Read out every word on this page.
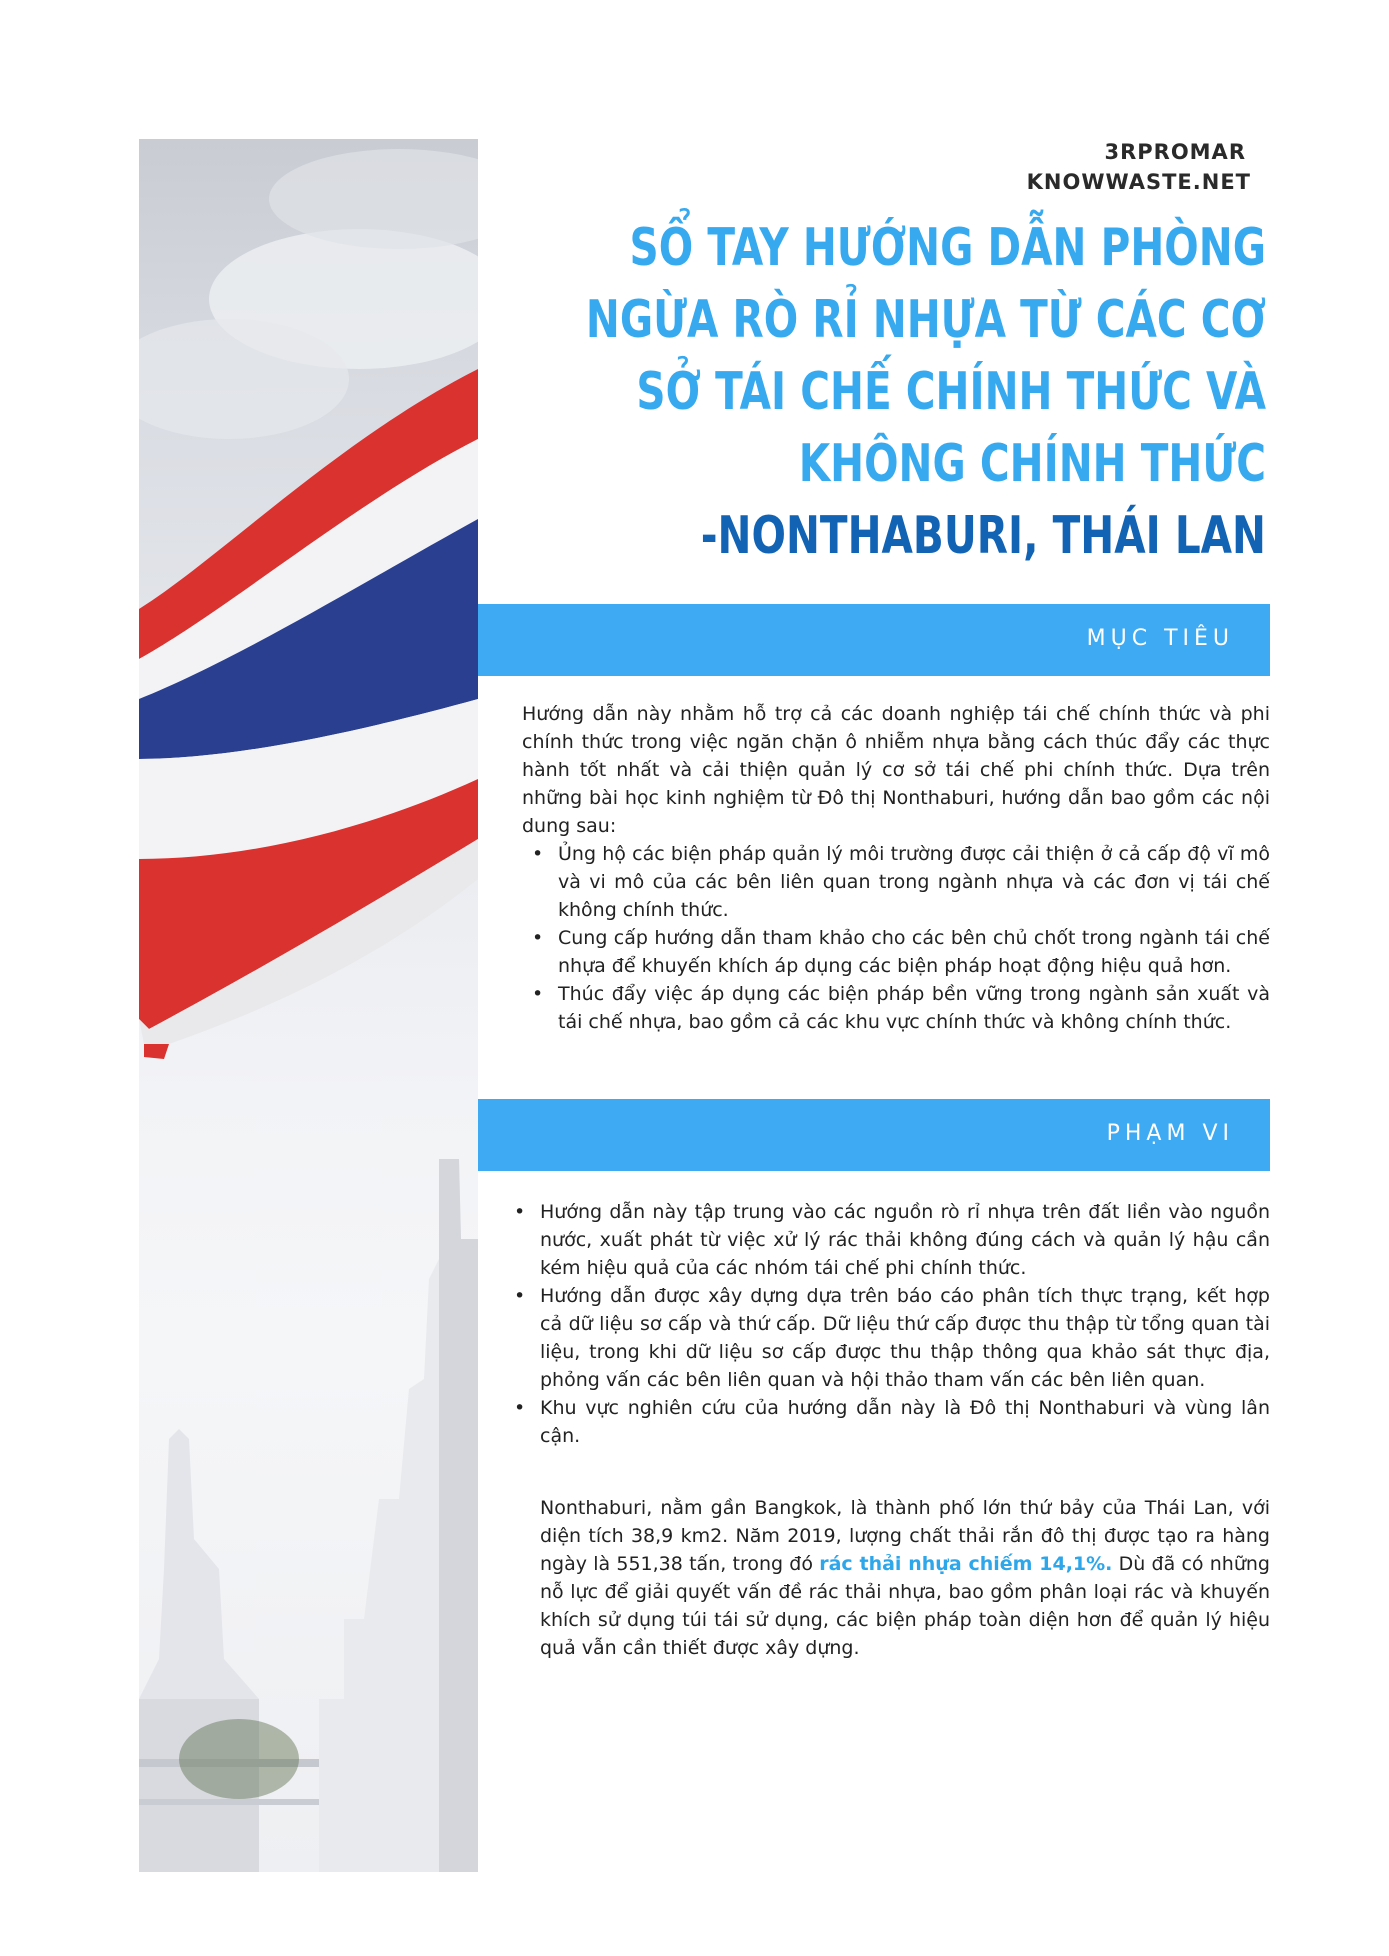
3RPROMAR
KNOWWASTE.NET
SỔ TAY HƯỚNG DẪN PHÒNG
NGỪA RÒ RỈ NHỰA TỪ CÁC CƠ
SỞ TÁI CHẾ CHÍNH THỨC VÀ
KHÔNG CHÍNH THỨC
-NONTHABURI, THÁI LAN
MỤC TIÊU
Hướng dẫn này nhằm hỗ trợ cả các doanh nghiệp tái chế chính thức và phi chính thức trong việc ngăn chặn ô nhiễm nhựa bằng cách thúc đẩy các thực hành tốt nhất và cải thiện quản lý cơ sở tái chế phi chính thức. Dựa trên những bài học kinh nghiệm từ Đô thị Nonthaburi, hướng dẫn bao gồm các nội dung sau:
• Ủng hộ các biện pháp quản lý môi trường được cải thiện ở cả cấp độ vĩ mô và vi mô của các bên liên quan trong ngành nhựa và các đơn vị tái chế không chính thức.
• Cung cấp hướng dẫn tham khảo cho các bên chủ chốt trong ngành tái chế nhựa để khuyến khích áp dụng các biện pháp hoạt động hiệu quả hơn.
• Thúc đẩy việc áp dụng các biện pháp bền vững trong ngành sản xuất và tái chế nhựa, bao gồm cả các khu vực chính thức và không chính thức.
PHẠM VI
• Hướng dẫn này tập trung vào các nguồn rò rỉ nhựa trên đất liền vào nguồn nước, xuất phát từ việc xử lý rác thải không đúng cách và quản lý hậu cần kém hiệu quả của các nhóm tái chế phi chính thức.
• Hướng dẫn được xây dựng dựa trên báo cáo phân tích thực trạng, kết hợp cả dữ liệu sơ cấp và thứ cấp. Dữ liệu thứ cấp được thu thập từ tổng quan tài liệu, trong khi dữ liệu sơ cấp được thu thập thông qua khảo sát thực địa, phỏng vấn các bên liên quan và hội thảo tham vấn các bên liên quan.
• Khu vực nghiên cứu của hướng dẫn này là Đô thị Nonthaburi và vùng lân cận.
Nonthaburi, nằm gần Bangkok, là thành phố lớn thứ bảy của Thái Lan, với diện tích 38,9 km2. Năm 2019, lượng chất thải rắn đô thị được tạo ra hàng ngày là 551,38 tấn, trong đó rác thải nhựa chiếm 14,1%. Dù đã có những nỗ lực để giải quyết vấn đề rác thải nhựa, bao gồm phân loại rác và khuyến khích sử dụng túi tái sử dụng, các biện pháp toàn diện hơn để quản lý hiệu quả vẫn cần thiết được xây dựng.
